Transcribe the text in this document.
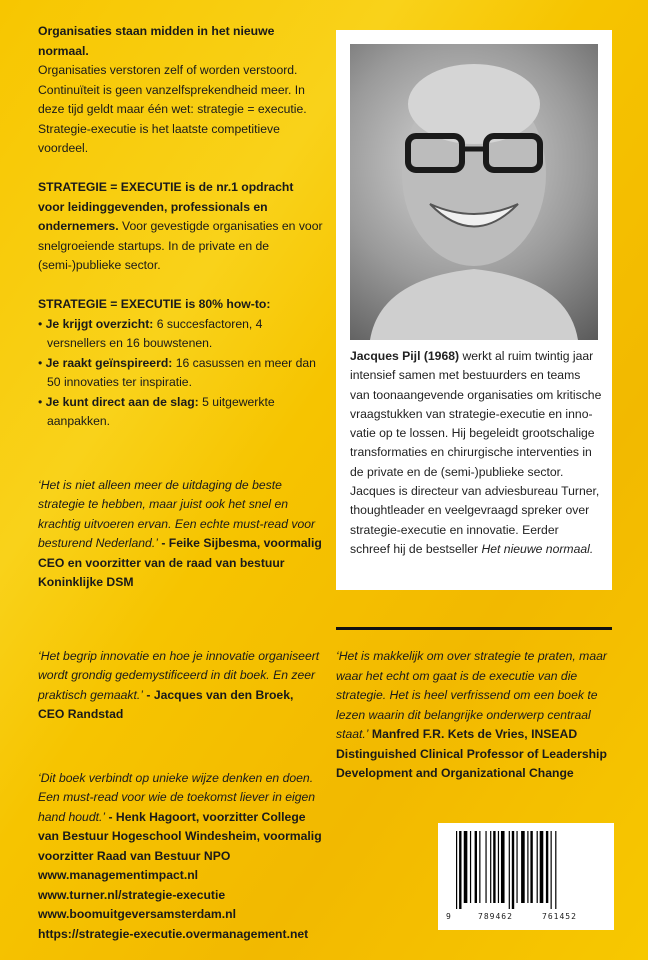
Organisaties staan midden in het nieuwe normaal.
Organisaties verstoren zelf of worden verstoord. Continuïteit is geen vanzelfsprekendheid meer. In deze tijd geldt maar één wet: strategie = executie. Strategie-executie is het laatste competitieve voordeel.

STRATEGIE = EXECUTIE is de nr.1 opdracht voor leidinggevenden, professionals en ondernemers. Voor gevestigde organisaties en voor snelgroeiende startups. In de private en de (semi-)publieke sector.

STRATEGIE = EXECUTIE is 80% how-to:
• Je krijgt overzicht: 6 succesfactoren, 4 versnellers en 16 bouwstenen.
• Je raakt geïnspireerd: 16 casussen en meer dan 50 innovaties ter inspiratie.
• Je kunt direct aan de slag: 5 uitgewerkte aanpakken.
‘Het is niet alleen meer de uitdaging de beste strategie te hebben, maar juist ook het snel en krachtig uitvoeren ervan. Een echte must-read voor besturend Nederland.’ - Feike Sijbesma, voormalig CEO en voorzitter van de raad van bestuur Koninklijke DSM
‘Het begrip innovatie en hoe je innovatie organiseert wordt grondig gedemystificeerd in dit boek. En zeer praktisch gemaakt.’ - Jacques van den Broek, CEO Randstad
‘Dit boek verbindt op unieke wijze denken en doen. Een must-read voor wie de toekomst liever in eigen hand houdt.’ - Henk Hagoort, voorzitter College van Bestuur Hogeschool Windesheim, voormalig voorzitter Raad van Bestuur NPO
www.managementimpact.nl
www.turner.nl/strategie-executie
www.boomuitgeversamsterdam.nl
https://strategie-executie.overmanagement.net
Jacques Pijl (1968) werkt al ruim twintig jaar intensief samen met bestuurders en teams van toonaangevende organisaties om kritische vraagstukken van strategie-executie en inno-vatie op te lossen. Hij begeleidt grootschalige transformaties en chirurgische interventies in de private en de (semi-)publieke sector. Jacques is directeur van adviesbureau Turner, thoughtleader en veelgevraagd spreker over strategie-executie en innovatie. Eerder schreef hij de bestseller Het nieuwe normaal.
‘Het is makkelijk om over strategie te praten, maar waar het echt om gaat is de executie van die strategie. Het is heel verfrissend om een boek te lezen waarin dit belangrijke onderwerp centraal staat.’ Manfred F.R. Kets de Vries, INSEAD Distinguished Clinical Professor of Leadership Development and Organizational Change
9	789462	761452
